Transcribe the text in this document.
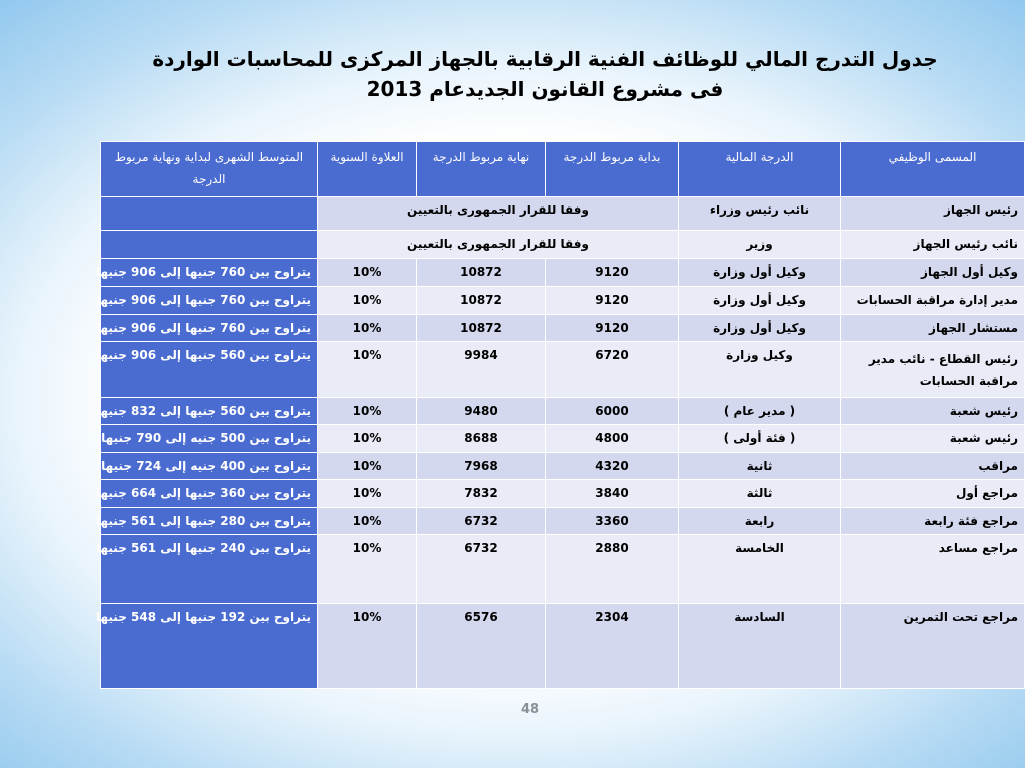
جدول التدرج المالي للوظائف الفنية الرقابية بالجهاز المركزى للمحاسبات الواردة
فى مشروع القانون الجديدعام 2013
المسمى الوظيفي	الدرجة المالية	بداية مربوط الدرجة	نهاية مربوط الدرجة	العلاوة السنوية	المتوسط الشهرى لبداية ونهاية مربوط الدرجة
رئيس الجهاز	نائب رئيس وزراء	وفقا للقرار الجمهورى بالتعيين			
نائب رئيس الجهاز	وزير	وفقا للقرار الجمهورى بالتعيين			
وكيل أول الجهاز	وكيل أول وزارة	9120	10872	10%	يتراوح بين 760 جنيها إلى 906 جنيها
مدير إدارة مراقبة الحسابات	وكيل أول وزارة	9120	10872	10%	يتراوح بين 760 جنيها إلى 906 جنيها
مستشار الجهاز	وكيل أول وزارة	9120	10872	10%	يتراوح بين 760 جنيها إلى 906 جنيها
رئيس القطاع - نائب مدير مراقبة الحسابات	وكيل وزارة	6720	9984	10%	يتراوح بين 560 جنيها إلى 906 جنيها
رئيس شعبة	( مدير عام )	6000	9480	10%	يتراوح بين 560 جنيها إلى 832 جنيها
رئيس شعبة	( فئة أولى )	4800	8688	10%	يتراوح بين 500 جنيه إلى 790 جنيها
مراقب	ثانية	4320	7968	10%	يتراوح بين 400 جنيه إلى 724 جنيها
مراجع أول	ثالثة	3840	7832	10%	يتراوح بين 360 جنيها إلى 664 جنيها
مراجع فئة رابعة	رابعة	3360	6732	10%	يتراوح بين 280 جنيها إلى 561 جنيها
مراجع مساعد	الخامسة	2880	6732	10%	يتراوح بين 240 جنيها إلى 561 جنيها
مراجع تحت التمرين	السادسة	2304	6576	10%	يتراوح بين 192 جنيها إلى 548 جنيها
48
